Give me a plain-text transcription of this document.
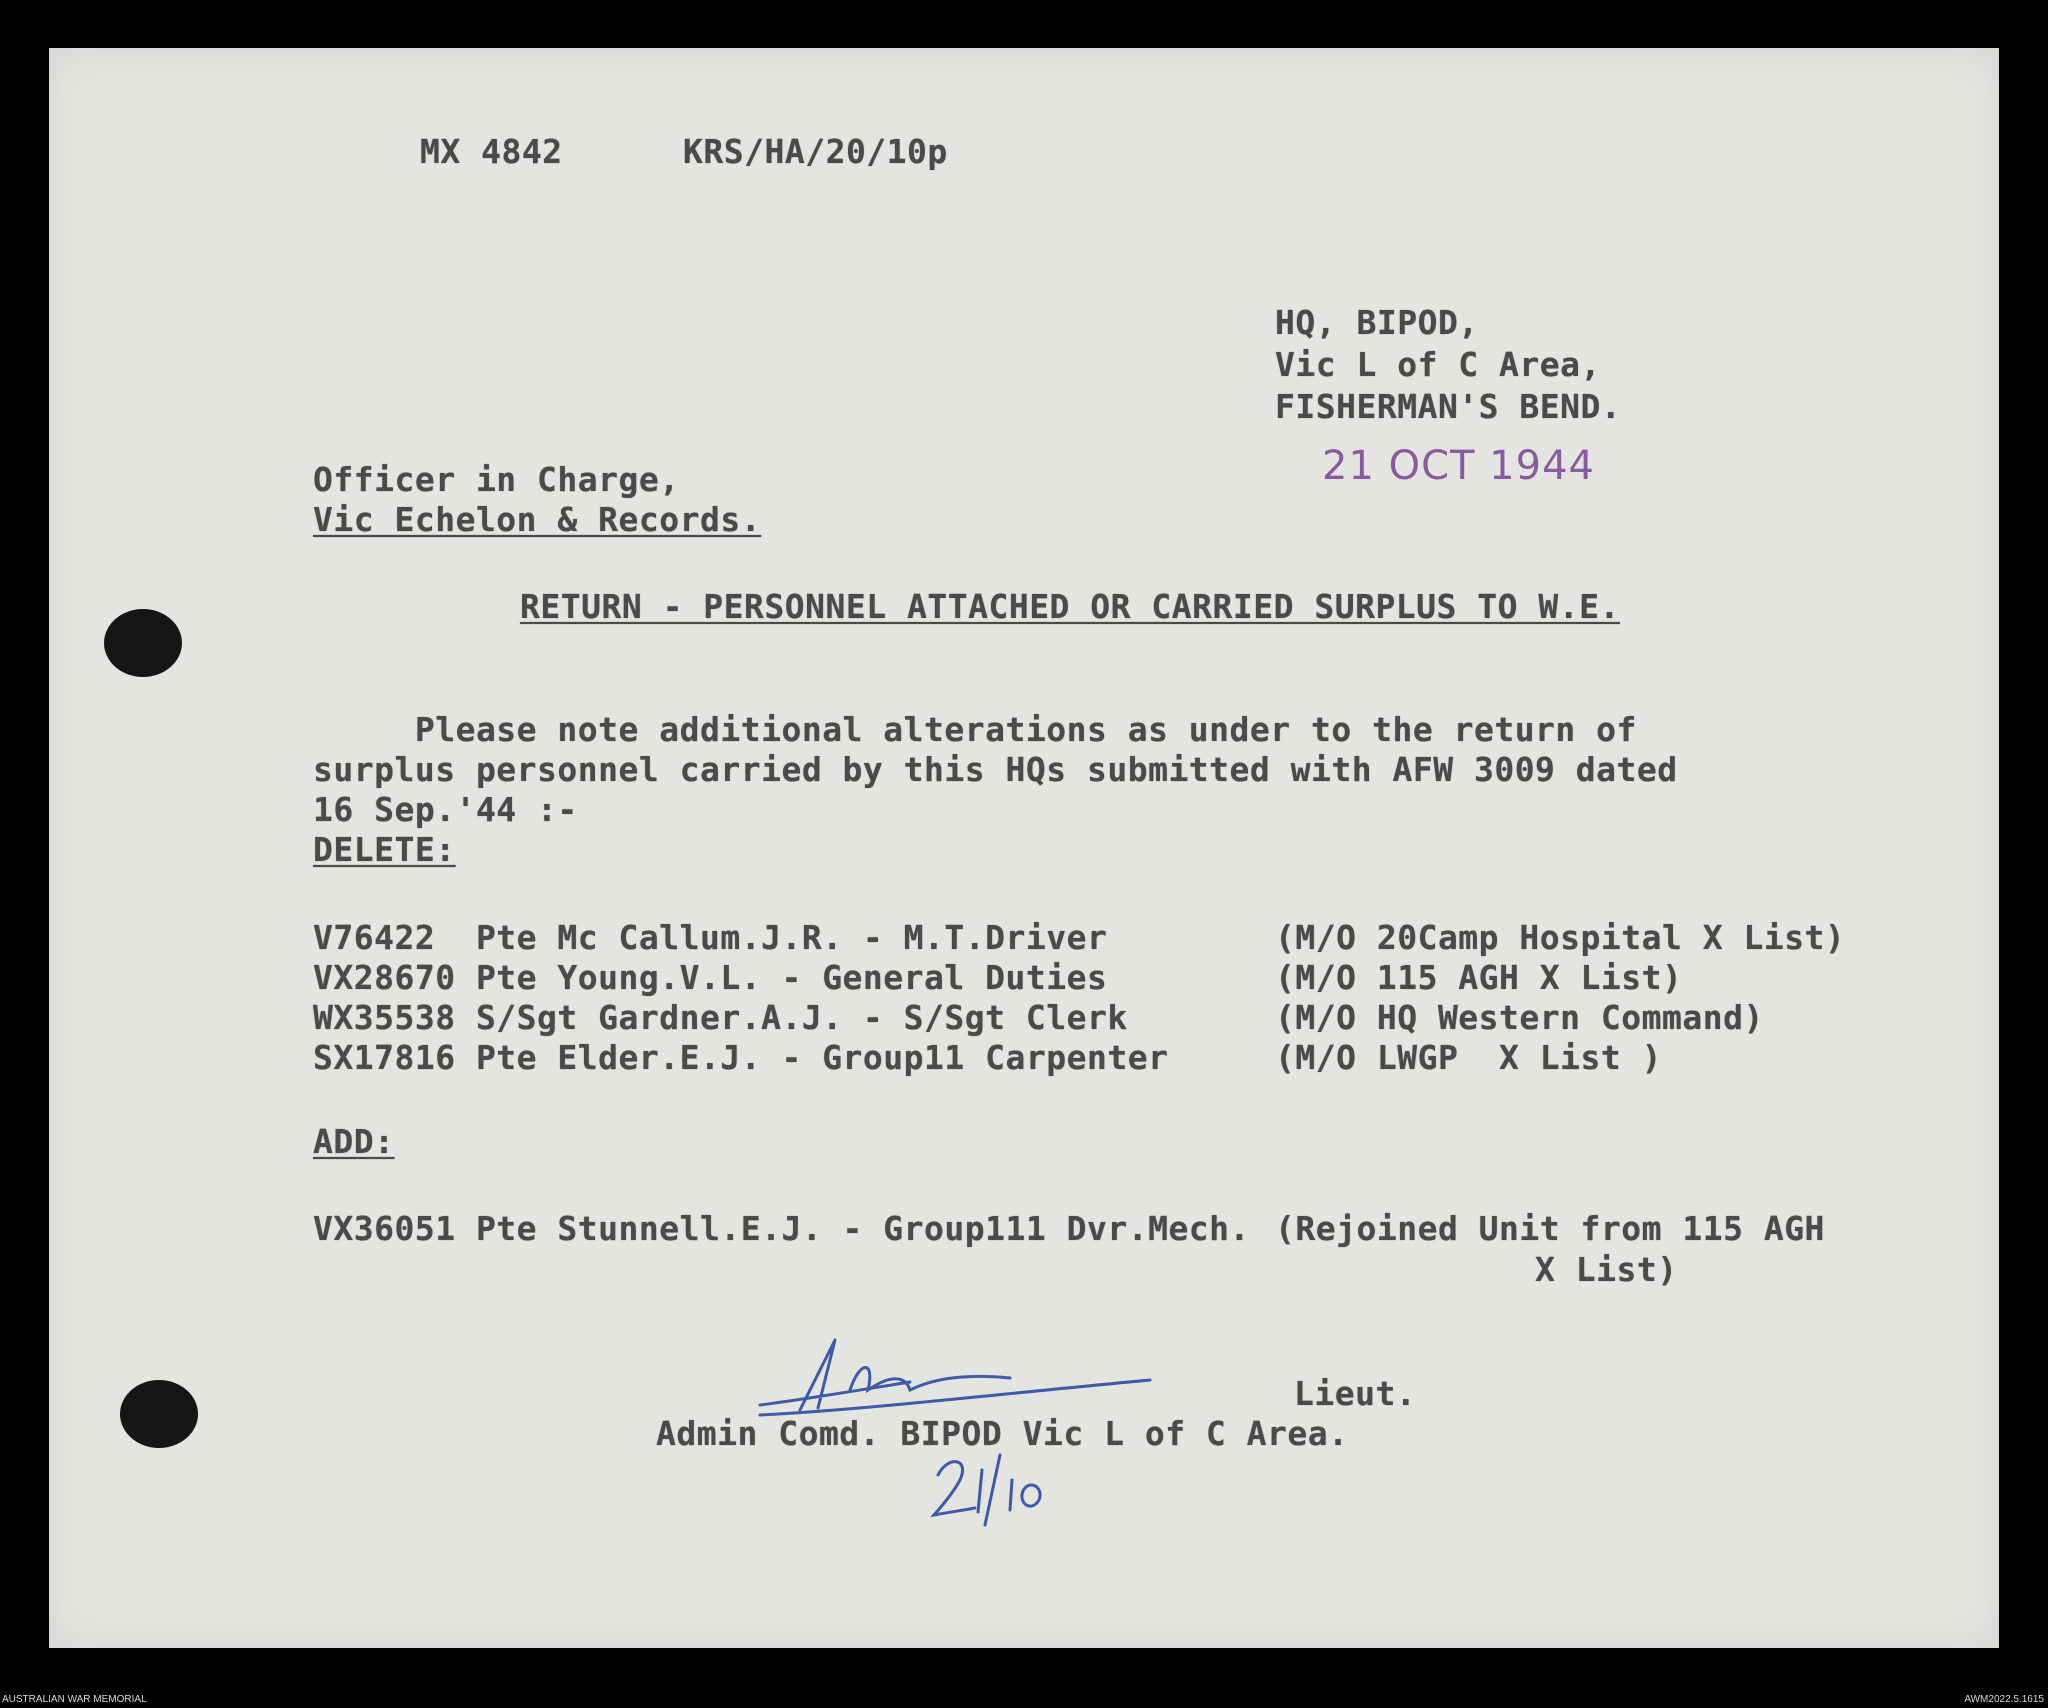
MX 4842	KRS/HA/20/10p
HQ, BIPOD,
Vic L of C Area,
FISHERMAN'S BEND.
21 OCT 1944
Officer in Charge,
Vic Echelon & Records.
RETURN - PERSONNEL ATTACHED OR CARRIED SURPLUS TO W.E.
Please note additional alterations as under to the return of
surplus personnel carried by this HQs submitted with AFW 3009 dated
16 Sep.'44 :-
DELETE:
V76422  Pte Mc Callum.J.R. - M.T.Driver	(M/O 20Camp Hospital X List)
VX28670 Pte Young.V.L. - General Duties	(M/O 115 AGH X List)
WX35538 S/Sgt Gardner.A.J. - S/Sgt Clerk	(M/O HQ Western Command)
SX17816 Pte Elder.E.J. - Group11 Carpenter	(M/O LWGP  X List )
ADD:
VX36051 Pte Stunnell.E.J. - Group111 Dvr.Mech. (Rejoined Unit from 115 AGH
X List)
Lieut.
Admin Comd. BIPOD Vic L of C Area.
AUSTRALIAN WAR MEMORIAL	AWM2022.5.1615
